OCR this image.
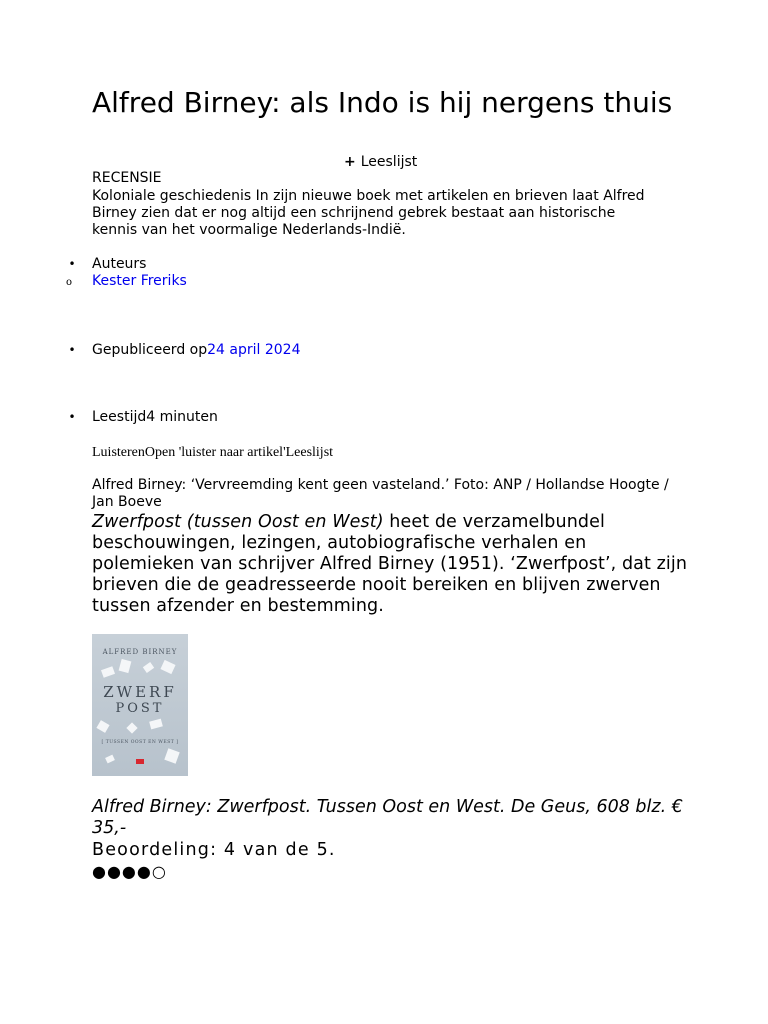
Alfred Birney: als Indo is hij nergens thuis
+ Leeslijst
RECENSIE
Koloniale geschiedenis In zijn nieuwe boek met artikelen en brieven laat Alfred Birney zien dat er nog altijd een schrijnend gebrek bestaat aan historische kennis van het voormalige Nederlands-Indië.
• Auteurs
o Kester Freriks
• Gepubliceerd op24 april 2024
• Leestijd4 minuten
LuisterenOpen 'luister naar artikel'Leeslijst
Alfred Birney: ‘Vervreemding kent geen vasteland.’ Foto: ANP / Hollandse Hoogte / Jan Boeve
Zwerfpost (tussen Oost en West) heet de verzamelbundel beschouwingen, lezingen, autobiografische verhalen en polemieken van schrijver Alfred Birney (1951). ‘Zwerfpost’, dat zijn brieven die de geadresseerde nooit bereiken en blijven zwerven tussen afzender en bestemming.
ALFRED BIRNEY
ZWERF
POST
[ TUSSEN OOST EN WEST ]
Alfred Birney: Zwerfpost. Tussen Oost en West. De Geus, 608 blz. € 35,-
Beoordeling: 4 van de 5.
●●●●○
